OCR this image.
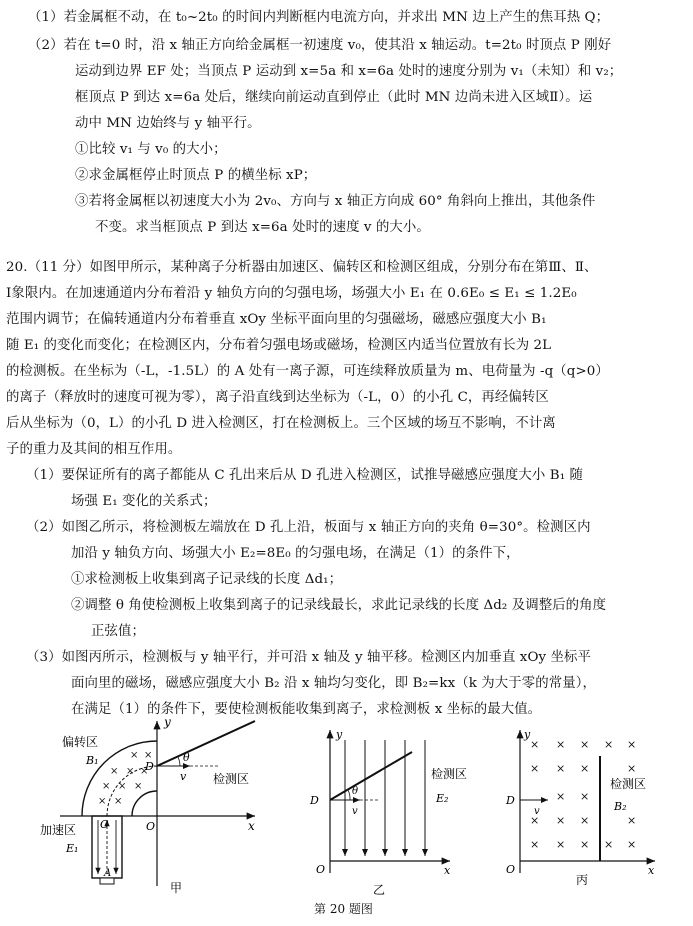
（1）若金属框不动，在 t₀~2t₀ 的时间内判断框内电流方向，并求出 MN 边上产生的焦耳热 Q；
（2）若在 t=0 时，沿 x 轴正方向给金属框一初速度 v₀，使其沿 x 轴运动。t=2t₀ 时顶点 P 刚好
运动到边界 EF 处；当顶点 P 运动到 x=5a 和 x=6a 处时的速度分别为 v₁（未知）和 v₂；
框顶点 P 到达 x=6a 处后，继续向前运动直到停止（此时 MN 边尚未进入区域Ⅱ）。运
动中 MN 边始终与 y 轴平行。
①比较 v₁ 与 v₀ 的大小；
②求金属框停止时顶点 P 的横坐标 xP；
③若将金属框以初速度大小为 2v₀、方向与 x 轴正方向成 60° 角斜向上推出，其他条件
不变。求当框顶点 P 到达 x=6a 处时的速度 v 的大小。
20.（11 分）如图甲所示，某种离子分析器由加速区、偏转区和检测区组成，分别分布在第Ⅲ、Ⅱ、
Ⅰ象限内。在加速通道内分布着沿 y 轴负方向的匀强电场，场强大小 E₁ 在 0.6E₀ ≤ E₁ ≤ 1.2E₀
范围内调节；在偏转通道内分布着垂直 xOy 坐标平面向里的匀强磁场，磁感应强度大小 B₁
随 E₁ 的变化而变化；在检测区内，分布着匀强电场或磁场，检测区内适当位置放有长为 2L
的检测板。在坐标为（-L，-1.5L）的 A 处有一离子源，可连续释放质量为 m、电荷量为 -q（q>0）
的离子（释放时的速度可视为零），离子沿直线到达坐标为（-L，0）的小孔 C，再经偏转区
后从坐标为（0，L）的小孔 D 进入检测区，打在检测板上。三个区域的场互不影响，不计离
子的重力及其间的相互作用。
（1）要保证所有的离子都能从 C 孔出来后从 D 孔进入检测区，试推导磁感应强度大小 B₁ 随
场强 E₁ 变化的关系式；
（2）如图乙所示，将检测板左端放在 D 孔上沿，板面与 x 轴正方向的夹角 θ=30°。检测区内
加沿 y 轴负方向、场强大小 E₂=8E₀ 的匀强电场，在满足（1）的条件下，
①求检测板上收集到离子记录线的长度 Δd₁；
②调整 θ 角使检测板上收集到离子的记录线最长，求此记录线的长度 Δd₂ 及调整后的角度
正弦值；
（3）如图丙所示，检测板与 y 轴平行，并可沿 x 轴及 y 轴平移。检测区内加垂直 xOy 坐标平
面向里的磁场，磁感应强度大小 B₂ 沿 x 轴均匀变化，即 B₂=kx（k 为大于零的常量），
在满足（1）的条件下，要使检测板能收集到离子，求检测板 x 坐标的最大值。
x
y
× × ×
× × ×
× ×
× ×
偏转区
B₁
加速区
E₁
检测区
D
C	O
A
θ
v
甲
x
y
O
D
θ
v
检测区
E₂
乙
x
y
O
D
× × × × ×
× × ×	×
× ×
× × ×	×
× × × × ×
v
检测区
B₂
丙
第 20 题图
